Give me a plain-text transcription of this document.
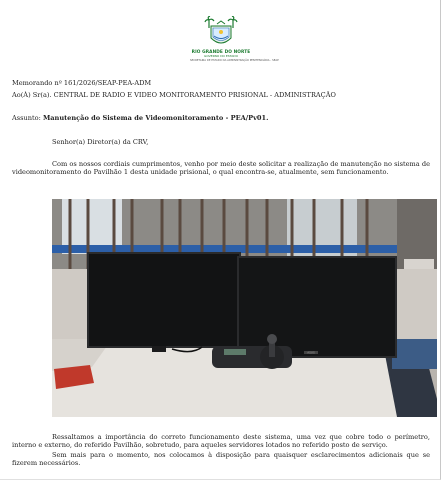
RIO GRANDE DO NORTE
GOVERNO DO ESTADO
SECRETARIA DE ESTADO DA ADMINISTRAÇÃO PENITENCIÁRIA - SEAP
Memorando nº 161/2026/SEAP-PEA-ADM
Ao(À) Sr(a). CENTRAL DE RADIO E VIDEO MONITORAMENTO PRISIONAL - ADMINISTRAÇÃO
Assunto: Manutenção do Sistema de Videomonitoramento - PEA/Pv01.
Senhor(a) Diretor(a) da CRV,
Com os nossos cordiais cumprimentos, venho por meio deste solicitar a realização de manutenção no sistema de videomonitoramento do Pavilhão 1 desta unidade prisional, o qual encontra-se, atualmente, sem funcionamento.
ASUS
Ressaltamos a importância do correto funcionamento deste sistema, uma vez que cobre todo o perímetro, interno e externo, do referido Pavilhão, sobretudo, para aqueles servidores lotados no referido posto de serviço.
Sem mais para o momento, nos colocamos à disposição para quaisquer esclarecimentos adicionais que se fizerem necessários.
